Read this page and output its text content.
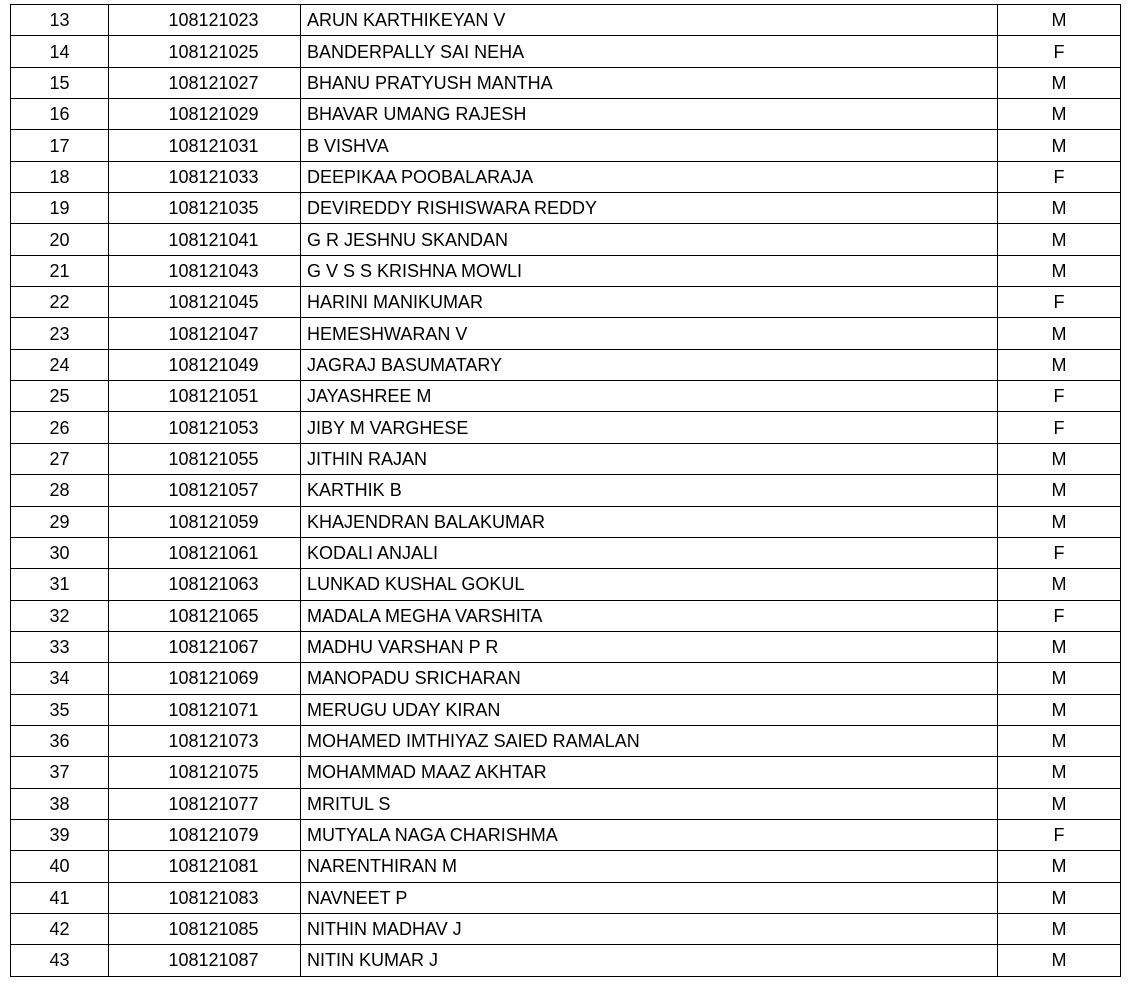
13	108121023	ARUN KARTHIKEYAN V	M
14	108121025	BANDERPALLY SAI NEHA	F
15	108121027	BHANU PRATYUSH MANTHA	M
16	108121029	BHAVAR UMANG RAJESH	M
17	108121031	B VISHVA	M
18	108121033	DEEPIKAA POOBALARAJA	F
19	108121035	DEVIREDDY RISHISWARA REDDY	M
20	108121041	G R JESHNU SKANDAN	M
21	108121043	G V S S KRISHNA MOWLI	M
22	108121045	HARINI MANIKUMAR	F
23	108121047	HEMESHWARAN V	M
24	108121049	JAGRAJ BASUMATARY	M
25	108121051	JAYASHREE M	F
26	108121053	JIBY M VARGHESE	F
27	108121055	JITHIN RAJAN	M
28	108121057	KARTHIK B	M
29	108121059	KHAJENDRAN BALAKUMAR	M
30	108121061	KODALI ANJALI	F
31	108121063	LUNKAD KUSHAL GOKUL	M
32	108121065	MADALA MEGHA VARSHITA	F
33	108121067	MADHU VARSHAN P R	M
34	108121069	MANOPADU SRICHARAN	M
35	108121071	MERUGU UDAY KIRAN	M
36	108121073	MOHAMED IMTHIYAZ SAIED RAMALAN	M
37	108121075	MOHAMMAD MAAZ AKHTAR	M
38	108121077	MRITUL S	M
39	108121079	MUTYALA NAGA CHARISHMA	F
40	108121081	NARENTHIRAN M	M
41	108121083	NAVNEET P	M
42	108121085	NITHIN MADHAV J	M
43	108121087	NITIN KUMAR J	M
